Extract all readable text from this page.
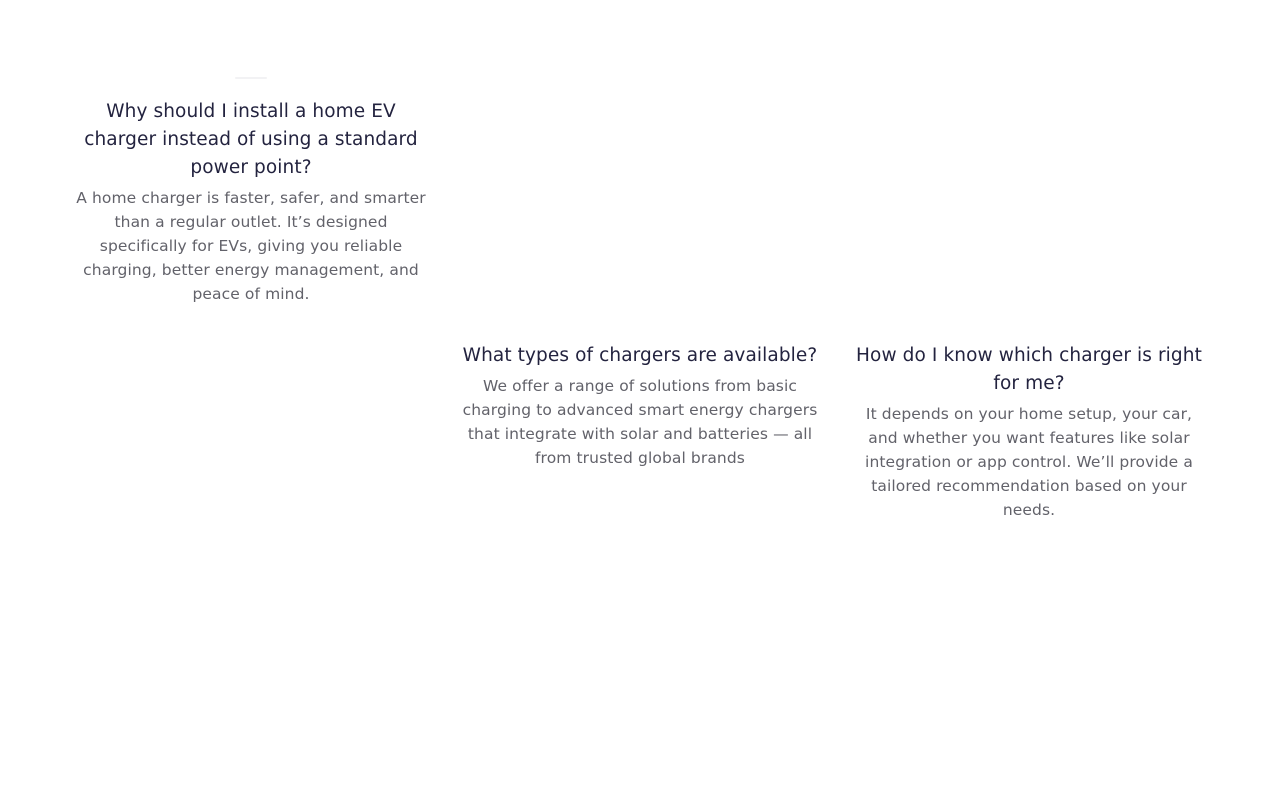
Why should I install a home EV charger instead of using a standard power point?

A home charger is faster, safer, and smarter than a regular outlet. It’s designed specifically for EVs, giving you reliable charging, better energy management, and peace of mind.

What types of chargers are available?

We offer a range of solutions from basic charging to advanced smart energy chargers that integrate with solar and batteries — all from trusted global brands

How do I know which charger is right for me?

It depends on your home setup, your car, and whether you want features like solar integration or app control. We’ll provide a tailored recommendation based on your needs.
